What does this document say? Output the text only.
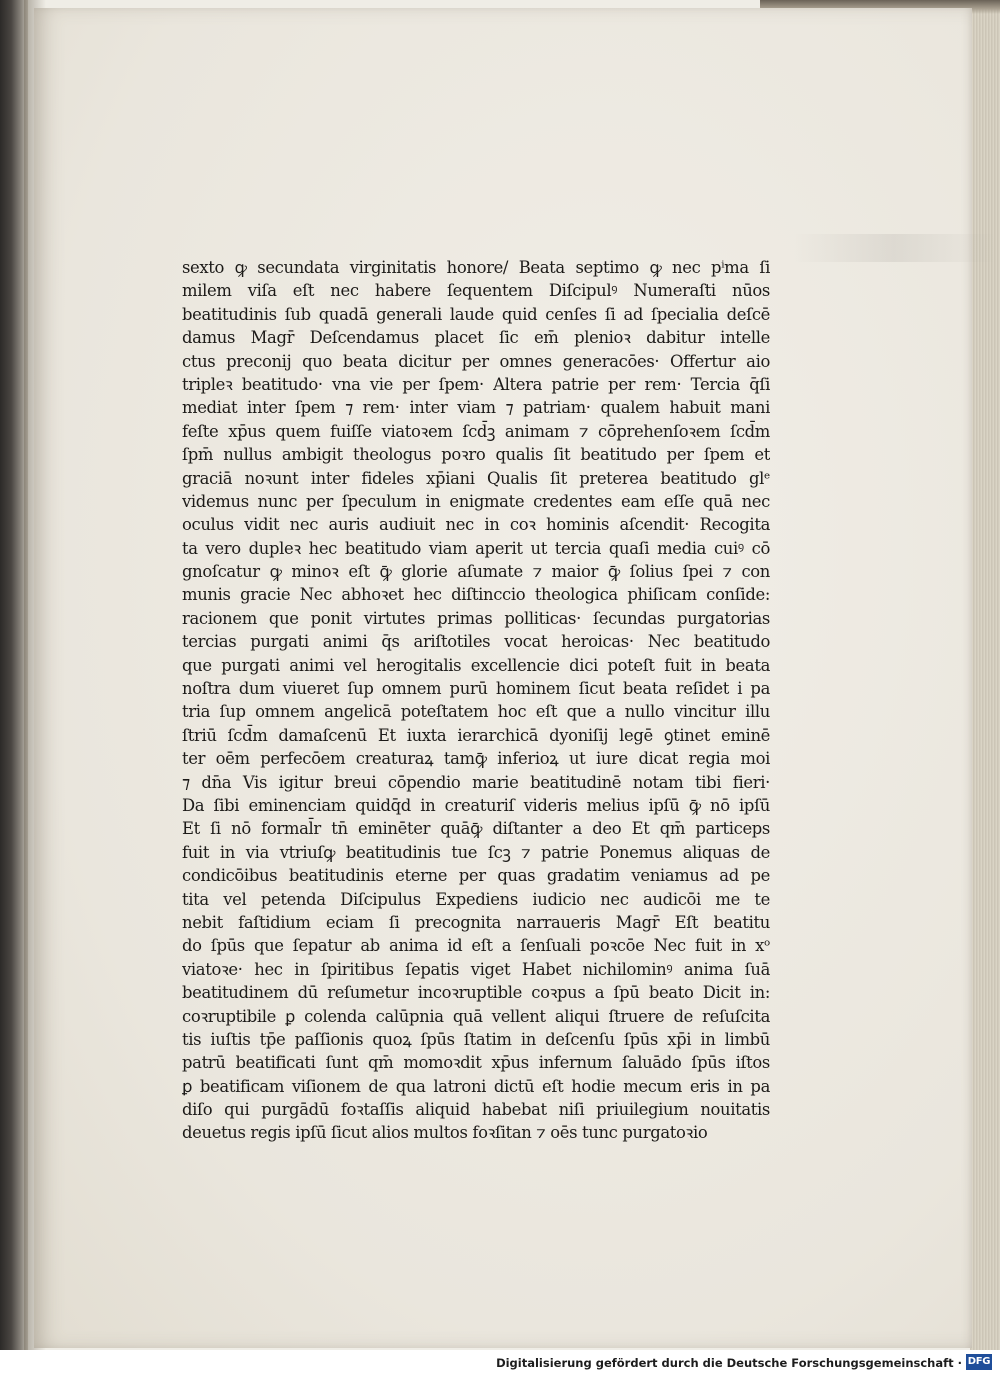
sexto ꝙ secundata virginitatis honore/ Beata septimo ꝙ nec pⁱma ſi
milem viſa eſt nec habere ſequentem Diſcipulꝰ Numeraſti nūos
beatitudinis ſub quadā generali laude quid cenſes ſi ad ſpecialia deſcē
damus Magr̄ Deſcendamus placet ſic em̄ plenioꝛ dabitur intelle
ctus preconij quo beata dicitur per omnes generacōes· Offertur aio
tripleꝛ beatitudo· vna vie per ſpem· Altera patrie per rem· Tercia q̄ſi
mediat inter ſpem ⁊ rem· inter viam ⁊ patriam· qualem habuit mani
feſte xp̄us quem fuiſſe viatoꝛem ſcd̄ꝫ animam ⁊ cōprehenſoꝛem ſcd̄m
ſpm̄ nullus ambigit theologus poꝛro qualis ſit beatitudo per ſpem et
graciā noꝛunt inter fideles xp̄iani Qualis ſit preterea beatitudo glᵉ
videmus nunc per ſpeculum in enigmate credentes eam eſſe quā nec
oculus vidit nec auris audiuit nec in coꝛ hominis aſcendit· Recogita
ta vero dupleꝛ hec beatitudo viam aperit ut tercia quaſi media cuiꝰ cō
gnoſcatur ꝙ minoꝛ eſt ꝙ̄ glorie aſumate ⁊ maior ꝙ̄ ſolius ſpei ⁊ con
munis gracie Nec abhoꝛet hec diſtinccio theologica phiſicam conſide:
racionem que ponit virtutes primas polliticas· ſecundas purgatorias
tercias purgati animi q̄s ariſtotiles vocat heroicas· Nec beatitudo
que purgati animi vel herogitalis excellencie dici poteſt fuit in beata
noſtra dum viueret ſup omnem purū hominem ſicut beata reſidet i pa
tria ſup omnem angelicā poteſtatem hoc eſt que a nullo vincitur illu
ſtriū ſcd̄m damaſcenū Et iuxta ierarchicā dyoniſij legē ꝯtinet eminē
ter oēm perfecōem creaturaꝝ tamꝙ̄ inferioꝝ ut iure dicat regia moi
⁊ dn̄a Vis igitur breui cōpendio marie beatitudinē notam tibi fieri·
Da ſibi eminenciam quidq̄d in creaturiſ videris melius ipſū ꝙ̄ nō ipſū
Et ſi nō formal̄r tn̄ eminēter quāꝙ̄ diſtanter a deo Et qm̄ particeps
fuit in via vtriuſꝙ beatitudinis tue ſcꝫ ⁊ patrie Ponemus aliquas de
condicōibus beatitudinis eterne per quas gradatim veniamus ad pe
tita vel petenda Diſcipulus Expediens iudicio nec audicōi me te
nebit faſtidium eciam ſi precognita narraueris Magr̄ Eſt beatitu
do ſpūs que ſepatur ab anima id eſt a ſenſuali poꝛcōe Nec fuit in xᵒ
viatoꝛe· hec in ſpiritibus ſepatis viget Habet nichilominꝰ anima ſuā
beatitudinem dū reſumetur incoꝛruptible coꝛpus a ſpū beato Dicit in:
coꝛruptibile ꝑ colenda calūpnia quā vellent aliqui ſtruere de reſuſcita
tis iuſtis tp̄e paſſionis quoꝝ ſpūs ſtatim in deſcenſu ſpūs xp̄i in limbū
patrū beatificati ſunt qm̄ momoꝛdit xp̄us infernum ſaluādo ſpūs iſtos
ꝑ beatificam viſionem de qua latroni dictū eſt hodie mecum eris in pa
diſo qui purgādū foꝛtaſſis aliquid habebat niſi priuilegium nouitatis
deuetus regis ipſū ſicut alios multos foꝛſitan ⁊ oēs tunc purgatoꝛio
Digitalisierung gefördert durch die Deutsche Forschungsgemeinschaft · DFG
